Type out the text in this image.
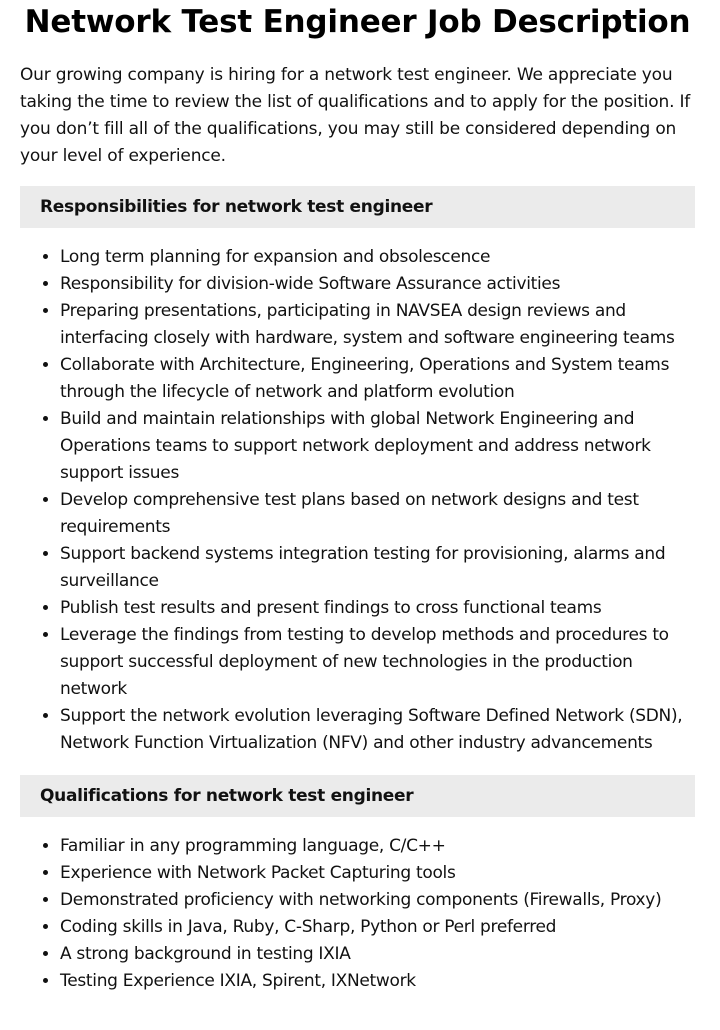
Network Test Engineer Job Description

Our growing company is hiring for a network test engineer. We appreciate you taking the time to review the list of qualifications and to apply for the position. If you don’t fill all of the qualifications, you may still be considered depending on your level of experience.

Responsibilities for network test engineer
• Long term planning for expansion and obsolescence
• Responsibility for division-wide Software Assurance activities
• Preparing presentations, participating in NAVSEA design reviews and interfacing closely with hardware, system and software engineering teams
• Collaborate with Architecture, Engineering, Operations and System teams through the lifecycle of network and platform evolution
• Build and maintain relationships with global Network Engineering and Operations teams to support network deployment and address network support issues
• Develop comprehensive test plans based on network designs and test requirements
• Support backend systems integration testing for provisioning, alarms and surveillance
• Publish test results and present findings to cross functional teams
• Leverage the findings from testing to develop methods and procedures to support successful deployment of new technologies in the production network
• Support the network evolution leveraging Software Defined Network (SDN), Network Function Virtualization (NFV) and other industry advancements
Qualifications for network test engineer
• Familiar in any programming language, C/C++
• Experience with Network Packet Capturing tools
• Demonstrated proficiency with networking components (Firewalls, Proxy)
• Coding skills in Java, Ruby, C-Sharp, Python or Perl preferred
• A strong background in testing IXIA
• Testing Experience IXIA, Spirent, IXNetwork
